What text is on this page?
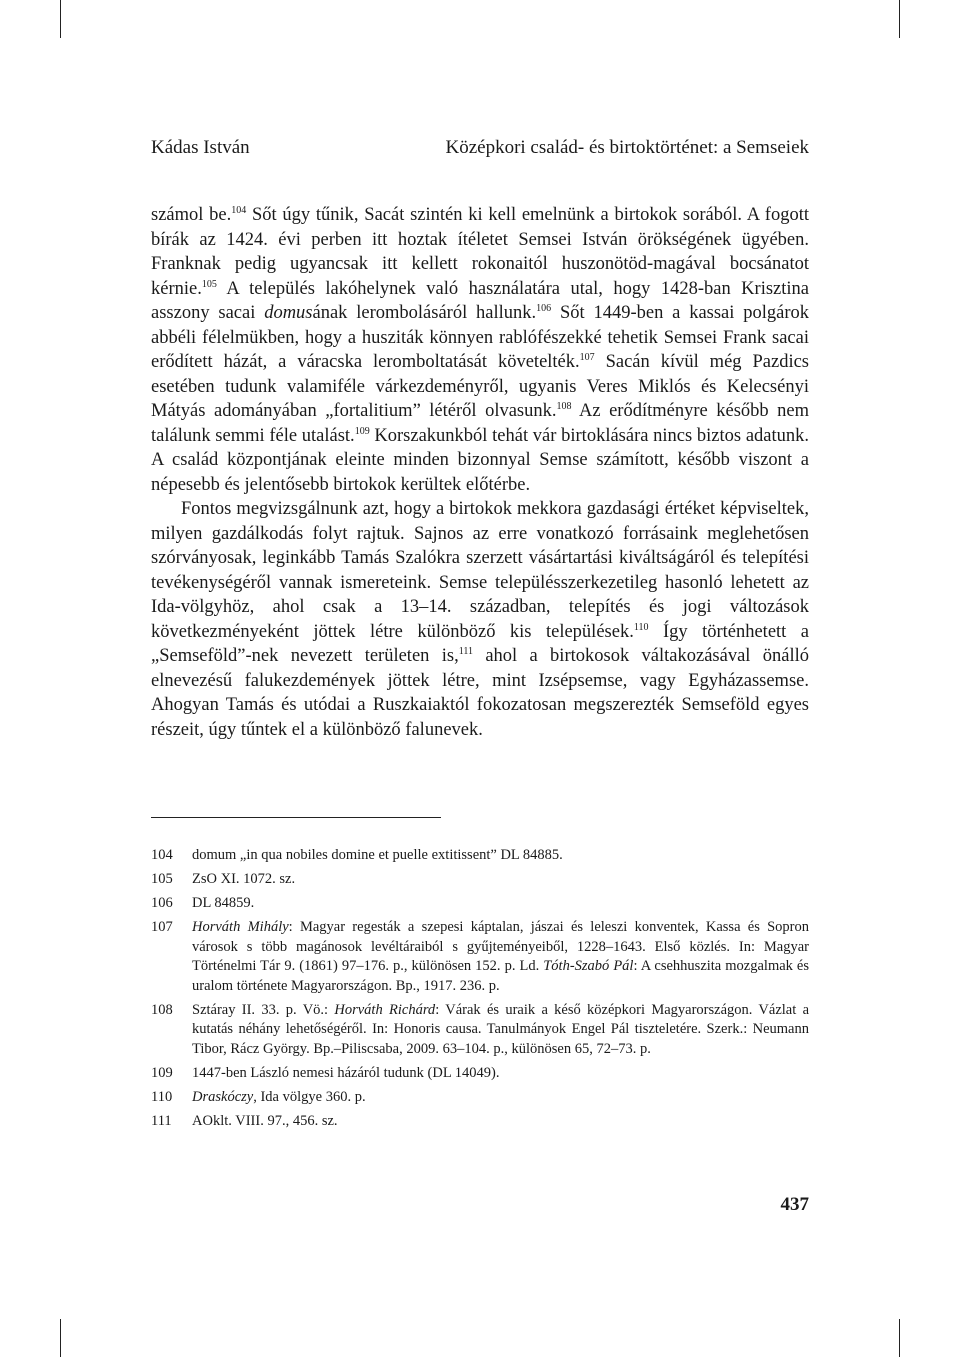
Kádas István	Középkori család- és birtoktörténet: a Semseiek

számol be.$^{104}$ Sőt úgy tűnik, Sacát szintén ki kell emelnünk a birtokok sorából. A fogott bírák az 1424. évi perben itt hoztak ítéletet Semsei István örökségének ügyében. Franknak pedig ugyancsak itt kellett rokonaitól huszonötöd-magával bocsánatot kérnie.$^{105}$ A település lakóhelynek való használatára utal, hogy 1428-ban Krisztina asszony sacai domusának lerombolásáról hallunk.$^{106}$ Sőt 1449-ben a kassai polgárok abbéli félelmükben, hogy a husziták könnyen rablófészekké tehetik Semsei Frank sacai erődített házát, a váracska leromboltatását követelték.$^{107}$ Sacán kívül még Pazdics esetében tudunk valamiféle várkezdeményről, ugyanis Veres Miklós és Kelecsényi Mátyás adományában „fortalitium” létéről olvasunk.$^{108}$ Az erődítményre később nem találunk semmi féle utalást.$^{109}$ Korszakunkból tehát vár birtoklására nincs biztos adatunk. A család központjának eleinte minden bizonnyal Semse számított, később viszont a népesebb és jelentősebb birtokok kerültek előtérbe.

Fontos megvizsgálnunk azt, hogy a birtokok mekkora gazdasági értéket képviseltek, milyen gazdálkodás folyt rajtuk. Sajnos az erre vonatkozó forrásaink meglehetősen szórványosak, leginkább Tamás Szalókra szerzett vásártartási kiváltságáról és telepítési tevékenységéről vannak ismereteink. Semse településszerkezetileg hasonló lehetett az Ida-völgyhöz, ahol csak a 13–14. században, telepítés és jogi változások következményeként jöttek létre különböző kis települések.$^{110}$ Így történhetett a „Semseföld”-nek nevezett területen is,$^{111}$ ahol a birtokosok váltakozásával önálló elnevezésű falukezdemények jöttek létre, mint Izsépsemse, vagy Egyházassemse. Ahogyan Tamás és utódai a Ruszkaiaktól fokozatosan megszerezték Semseföld egyes részeit, úgy tűntek el a különböző falunevek.

104	domum „in qua nobiles domine et puelle extitissent” DL 84885.
105	ZsO XI. 1072. sz.
106	DL 84859.
107	Horváth Mihály: Magyar regesták a szepesi káptalan, jászai és leleszi konventek, Kassa és Sopron városok s több magánosok levéltáraiból s gyűjteményeiből, 1228–1643. Első közlés. In: Magyar Történelmi Tár 9. (1861) 97–176. p., különösen 152. p. Ld. Tóth-Szabó Pál: A csehhuszita mozgalmak és uralom története Magyarországon. Bp., 1917. 236. p.
108	Sztáray II. 33. p. Vö.: Horváth Richárd: Várak és uraik a késő középkori Magyarországon. Vázlat a kutatás néhány lehetőségéről. In: Honoris causa. Tanulmányok Engel Pál tiszteletére. Szerk.: Neumann Tibor, Rácz György. Bp.–Piliscsaba, 2009. 63–104. p., különösen 65, 72–73. p.
109	1447-ben László nemesi házáról tudunk (DL 14049).
110	Draskóczy, Ida völgye 360. p.
111	AOklt. VIII. 97., 456. sz.
437
